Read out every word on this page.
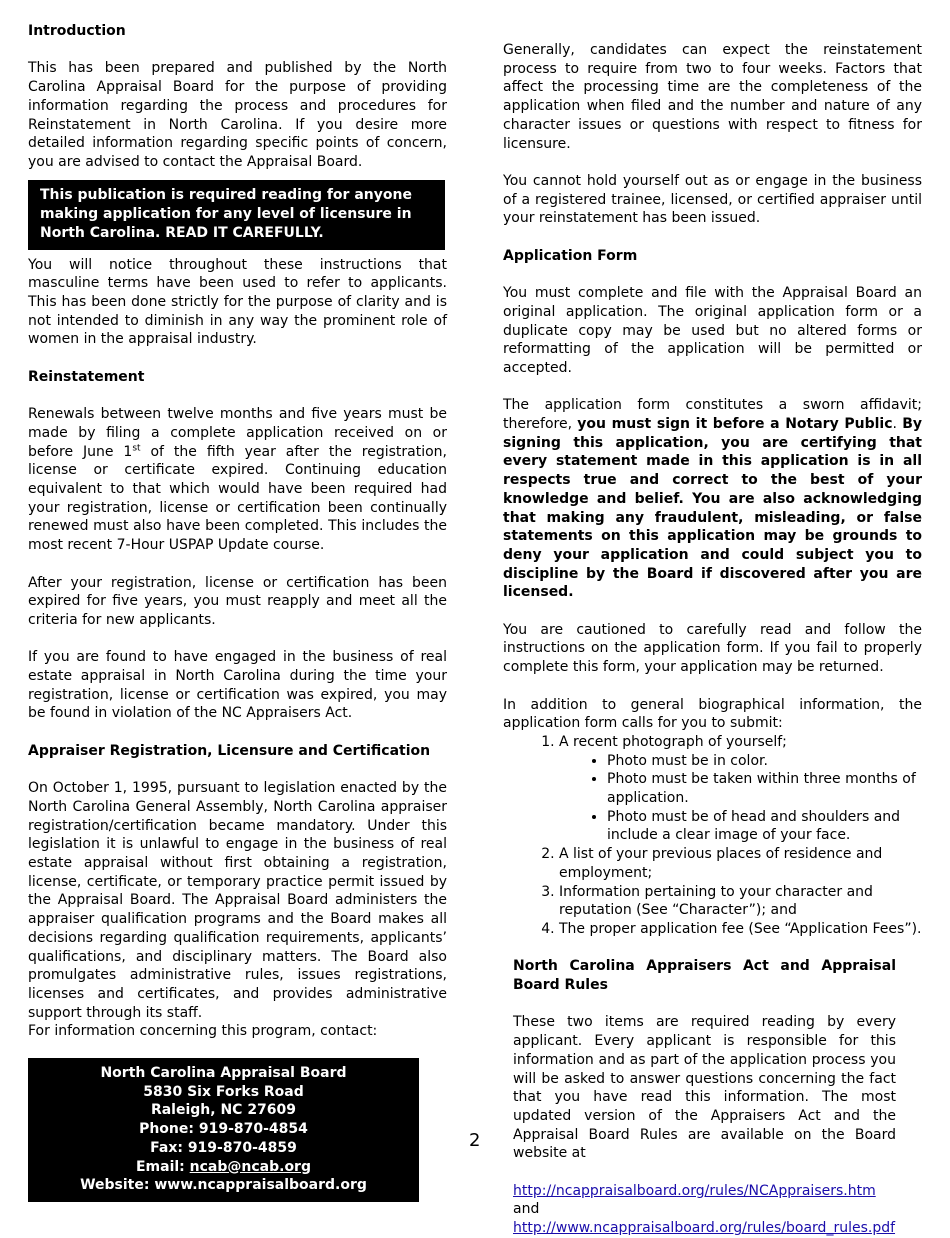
Introduction

This has been prepared and published by the North Carolina Appraisal Board for the purpose of providing information regarding the process and procedures for Reinstatement in North Carolina. If you desire more detailed information regarding specific points of concern, you are advised to contact the Appraisal Board.

This publication is required reading for anyone making application for any level of licensure in North Carolina. READ IT CAREFULLY.

You will notice throughout these instructions that masculine terms have been used to refer to applicants. This has been done strictly for the purpose of clarity and is not intended to diminish in any way the prominent role of women in the appraisal industry.

Reinstatement

Renewals between twelve months and five years must be made by filing a complete application received on or before June 1st of the fifth year after the registration, license or certificate expired. Continuing education equivalent to that which would have been required had your registration, license or certification been continually renewed must also have been completed. This includes the most recent 7-Hour USPAP Update course.

After your registration, license or certification has been expired for five years, you must reapply and meet all the criteria for new applicants.

If you are found to have engaged in the business of real estate appraisal in North Carolina during the time your registration, license or certification was expired, you may be found in violation of the NC Appraisers Act.

Appraiser Registration, Licensure and Certification

On October 1, 1995, pursuant to legislation enacted by the North Carolina General Assembly, North Carolina appraiser registration/certification became mandatory. Under this legislation it is unlawful to engage in the business of real estate appraisal without first obtaining a registration, license, certificate, or temporary practice permit issued by the Appraisal Board. The Appraisal Board administers the appraiser qualification programs and the Board makes all decisions regarding qualification requirements, applicants’ qualifications, and disciplinary matters. The Board also promulgates administrative rules, issues registrations, licenses and certificates, and provides administrative support through its staff.

For information concerning this program, contact:

North Carolina Appraisal Board
5830 Six Forks Road
Raleigh, NC 27609
Phone: 919-870-4854
Fax: 919-870-4859
Email: ncab@ncab.org
Website: www.ncappraisalboard.org
2

Generally, candidates can expect the reinstatement process to require from two to four weeks. Factors that affect the processing time are the completeness of the application when filed and the number and nature of any character issues or questions with respect to fitness for licensure.

You cannot hold yourself out as or engage in the business of a registered trainee, licensed, or certified appraiser until your reinstatement has been issued.

Application Form

You must complete and file with the Appraisal Board an original application. The original application form or a duplicate copy may be used but no altered forms or reformatting of the application will be permitted or accepted.

The application form constitutes a sworn affidavit; therefore, you must sign it before a Notary Public. By signing this application, you are certifying that every statement made in this application is in all respects true and correct to the best of your knowledge and belief. You are also acknowledging that making any fraudulent, misleading, or false statements on this application may be grounds to deny your application and could subject you to discipline by the Board if discovered after you are licensed.

You are cautioned to carefully read and follow the instructions on the application form. If you fail to properly complete this form, your application may be returned.

In addition to general biographical information, the application form calls for you to submit:

1. A recent photograph of yourself;
• Photo must be in color.
• Photo must be taken within three months of application.
• Photo must be of head and shoulders and include a clear image of your face.
2. A list of your previous places of residence and employment;
3. Information pertaining to your character and reputation (See “Character”); and
4. The proper application fee (See “Application Fees”).
North Carolina Appraisers Act and Appraisal Board Rules

These two items are required reading by every applicant. Every applicant is responsible for this information and as part of the application process you will be asked to answer questions concerning the fact that you have read this information. The most updated version of the Appraisers Act and the Appraisal Board Rules are available on the Board website at

http://ncappraisalboard.org/rules/NCAppraisers.htm
and
http://www.ncappraisalboard.org/rules/board_rules.pdf
